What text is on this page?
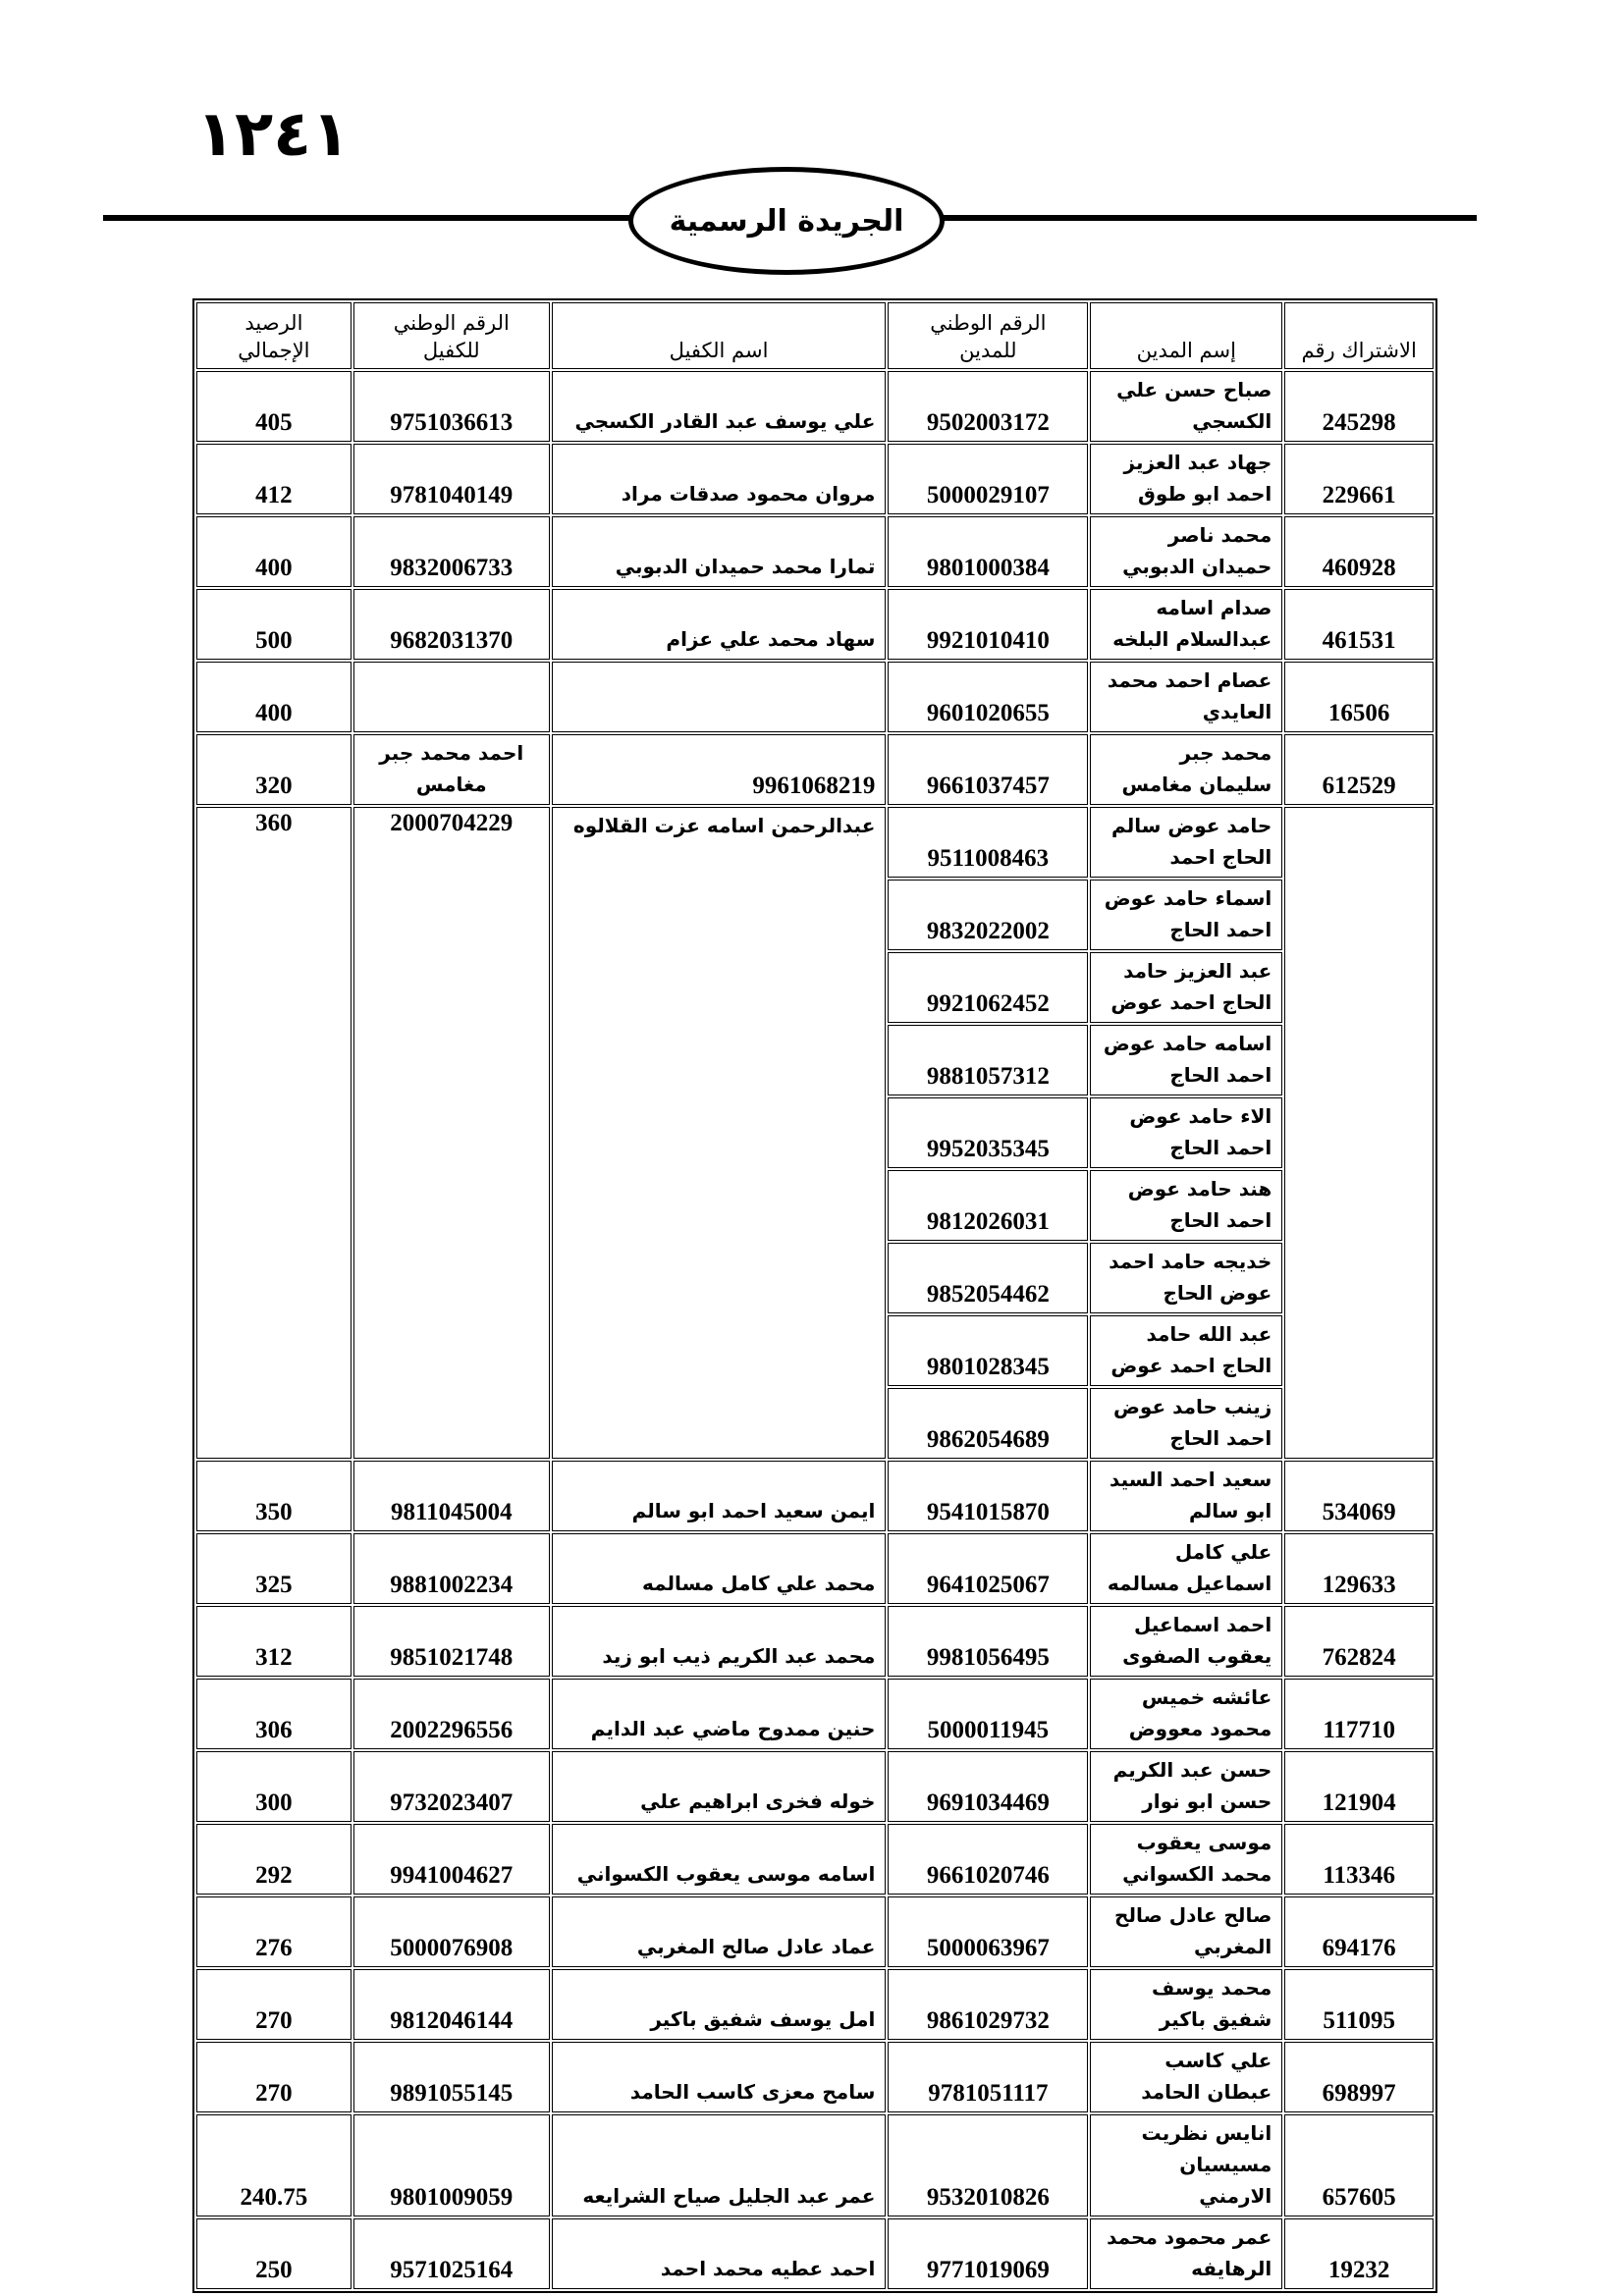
١٢٤١
الجريدة الرسمية
الاشتراك رقم	إسم المدين	الرقم الوطني للمدين	اسم الكفيل	الرقم الوطني للكفيل	الرصيد الإجمالي
245298	صباح حسن علي الكسجي	9502003172	علي يوسف عبد القادر الكسجي	9751036613	405
229661	جهاد عبد العزيز احمد ابو طوق	5000029107	مروان محمود صدقات مراد	9781040149	412
460928	محمد ناصر حميدان الدبوبي	9801000384	تمارا محمد حميدان الدبوبي	9832006733	400
461531	صدام اسامه عبدالسلام البلخه	9921010410	سهاد محمد علي عزام	9682031370	500
16506	عصام احمد محمد العايدي	9601020655			400
612529	محمد جبر سليمان مغامس	9661037457	9961068219	احمد محمد جبر مغامس	320
	حامد عوض سالم الحاج احمد	9511008463	عبدالرحمن اسامه عزت القلالوه	2000704229	360
	اسماء حامد عوض احمد الحاج	9832022002			
	عبد العزيز حامد الحاج احمد عوض	9921062452			
	اسامه حامد عوض احمد الحاج	9881057312			
	الاء حامد عوض احمد الحاج	9952035345			
	هند حامد عوض احمد الحاج	9812026031			
	خديجه حامد احمد عوض الحاج	9852054462			
	عبد الله حامد الحاج احمد عوض	9801028345			
	زينب حامد عوض احمد الحاج	9862054689			
534069	سعيد احمد السيد ابو سالم	9541015870	ايمن سعيد احمد ابو سالم	9811045004	350
129633	علي كامل اسماعيل مسالمه	9641025067	محمد علي كامل مسالمه	9881002234	325
762824	احمد اسماعيل يعقوب الصفوى	9981056495	محمد عبد الكريم ذيب ابو زيد	9851021748	312
117710	عائشه خميس محمود معووض	5000011945	حنين ممدوح ماضي عبد الدايم	2002296556	306
121904	حسن عبد الكريم حسن ابو نوار	9691034469	خوله فخرى ابراهيم علي	9732023407	300
113346	موسى يعقوب محمد الكسواني	9661020746	اسامه موسى يعقوب الكسواني	9941004627	292
694176	صالح عادل صالح المغربي	5000063967	عماد عادل صالح المغربي	5000076908	276
511095	محمد يوسف شفيق باكير	9861029732	امل يوسف شفيق باكير	9812046144	270
698997	علي كاسب عبطان الحامد	9781051117	سامح معزى كاسب الحامد	9891055145	270
657605	انايس نظريت مسيسيان الارمني	9532010826	عمر عبد الجليل صياح الشرايعه	9801009059	240.75
19232	عمر محمود محمد الرهايفه	9771019069	احمد عطيه محمد احمد	9571025164	250
